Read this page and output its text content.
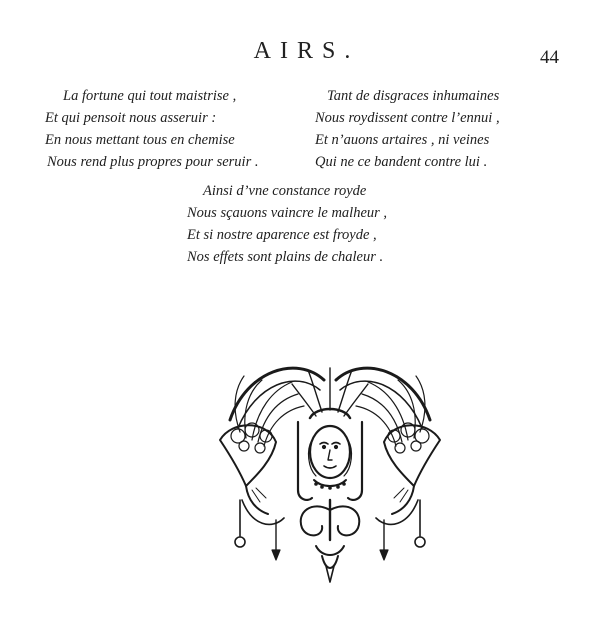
AIRS.	44
La fortune qui tout maistrise ,
Et qui pensoit nous asseruir :
En nous mettant tous en chemise
Nous rend plus propres pour seruir .
Tant de disgraces inhumaines
Nous roydissent contre l’ennui ,
Et n’auons artaires , ni veines
Qui ne ce bandent contre lui .
Ainsi d’vne constance royde
Nous sçauons vaincre le malheur ,
Et si nostre aparence est froyde ,
Nos effets sont plains de chaleur .
